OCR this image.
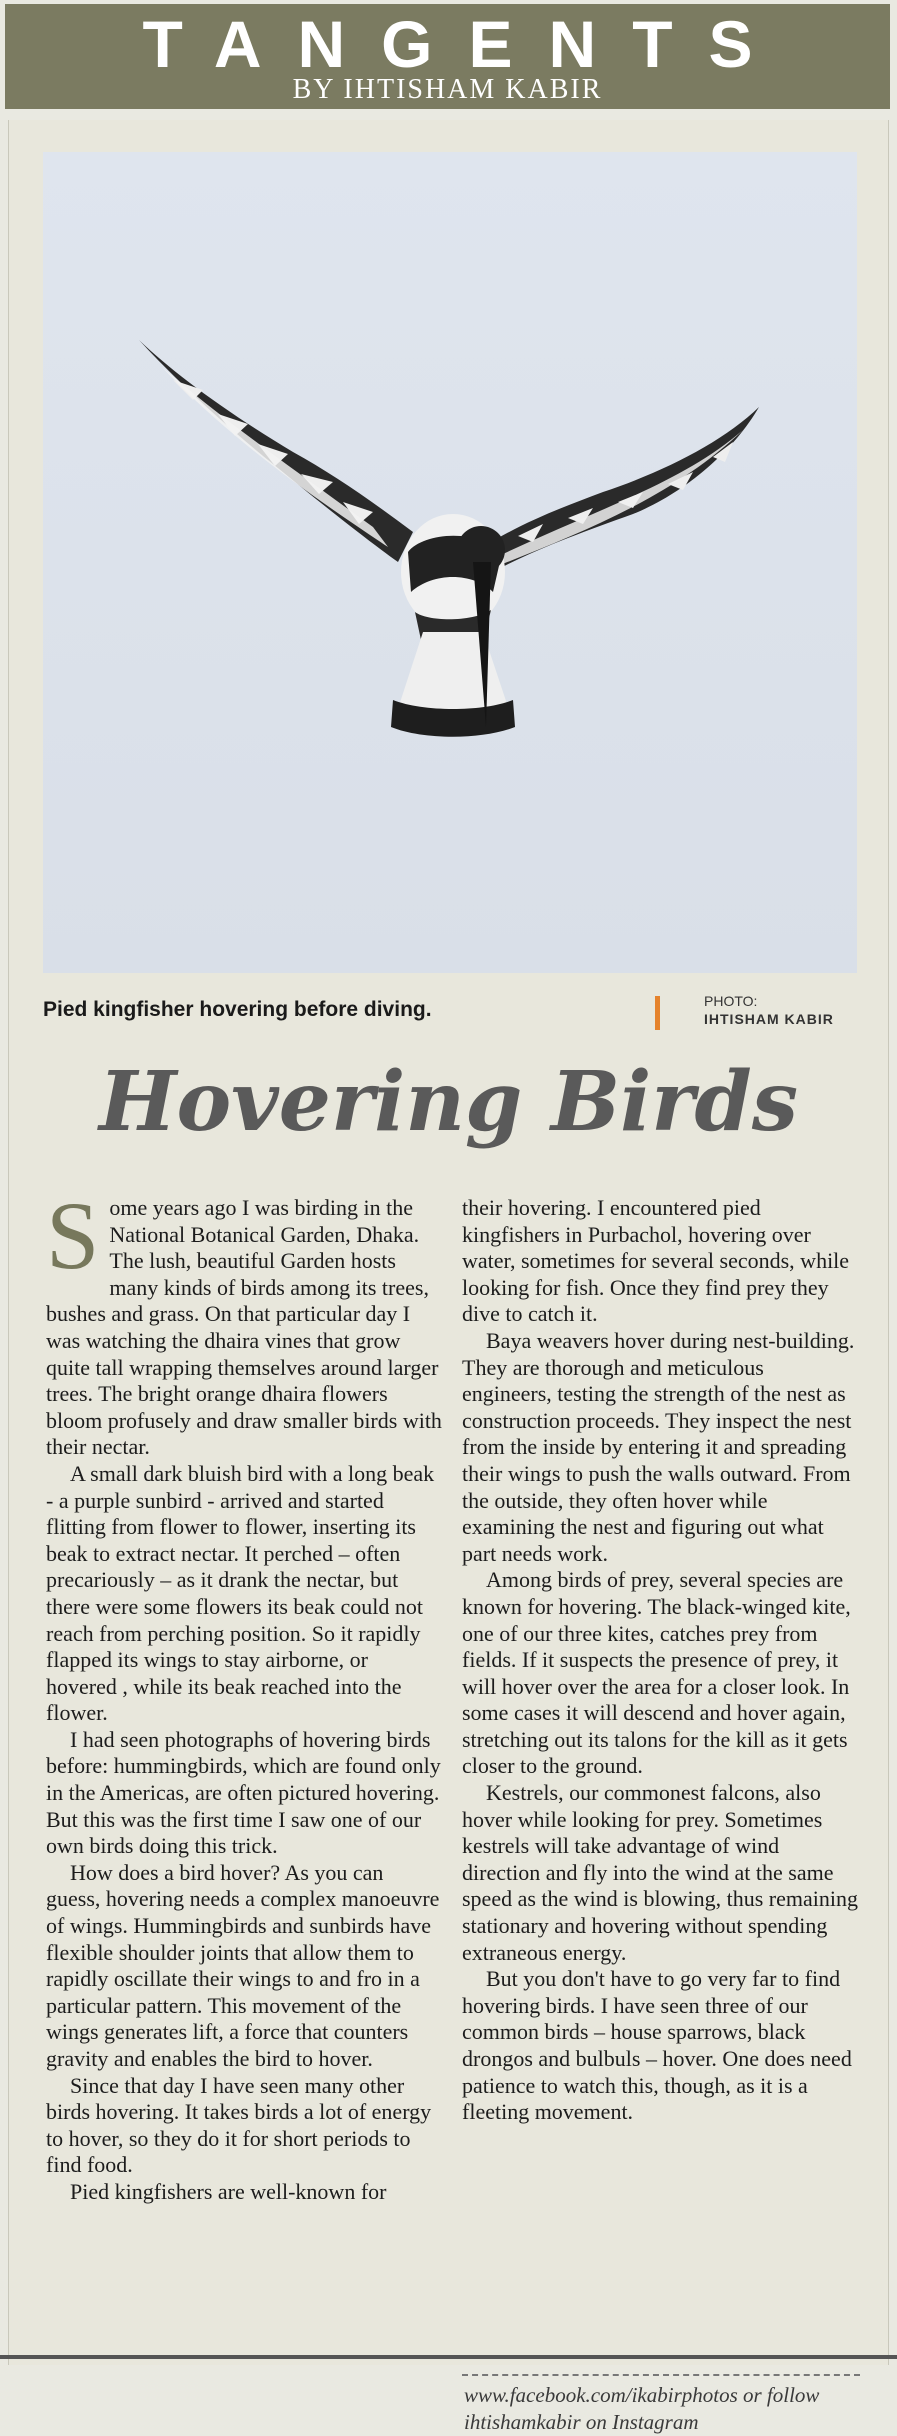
TANGENTS
BY IHTISHAM KABIR
Pied kingfisher hovering before diving.	PHOTO:
IHTISHAM KABIR
Hovering Birds

Some years ago I was birding in the National Botanical Garden, Dhaka. The lush, beautiful Garden hosts many kinds of birds among its trees, bushes and grass. On that particular day I was watching the dhaira vines that grow quite tall wrapping themselves around larger trees. The bright orange dhaira flowers bloom profusely and draw smaller birds with their nectar.

A small dark bluish bird with a long beak - a purple sunbird - arrived and started flitting from flower to flower, inserting its beak to extract nectar. It perched – often precariously – as it drank the nectar, but there were some flowers its beak could not reach from perching position. So it rapidly flapped its wings to stay airborne, or hovered , while its beak reached into the flower.

I had seen photographs of hovering birds before: hummingbirds, which are found only in the Americas, are often pictured hovering. But this was the first time I saw one of our own birds doing this trick.

How does a bird hover? As you can guess, hovering needs a complex manoeuvre of wings. Hummingbirds and sunbirds have flexible shoulder joints that allow them to rapidly oscillate their wings to and fro in a particular pattern. This movement of the wings generates lift, a force that counters gravity and enables the bird to hover.

Since that day I have seen many other birds hovering. It takes birds a lot of energy to hover, so they do it for short periods to find food.

Pied kingfishers are well-known for

their hovering. I encountered pied kingfishers in Purbachol, hovering over water, sometimes for several seconds, while looking for fish. Once they find prey they dive to catch it.

Baya weavers hover during nest-building. They are thorough and meticulous engineers, testing the strength of the nest as construction proceeds. They inspect the nest from the inside by entering it and spreading their wings to push the walls outward. From the outside, they often hover while examining the nest and figuring out what part needs work.

Among birds of prey, several species are known for hovering. The black-winged kite, one of our three kites, catches prey from fields. If it suspects the presence of prey, it will hover over the area for a closer look. In some cases it will descend and hover again, stretching out its talons for the kill as it gets closer to the ground.

Kestrels, our commonest falcons, also hover while looking for prey. Sometimes kestrels will take advantage of wind direction and fly into the wind at the same speed as the wind is blowing, thus remaining stationary and hovering without spending extraneous energy.

But you don't have to go very far to find hovering birds. I have seen three of our common birds – house sparrows, black drongos and bulbuls – hover. One does need patience to watch this, though, as it is a fleeting movement.

www.facebook.com/ikabirphotos or follow ihtishamkabir on Instagram
